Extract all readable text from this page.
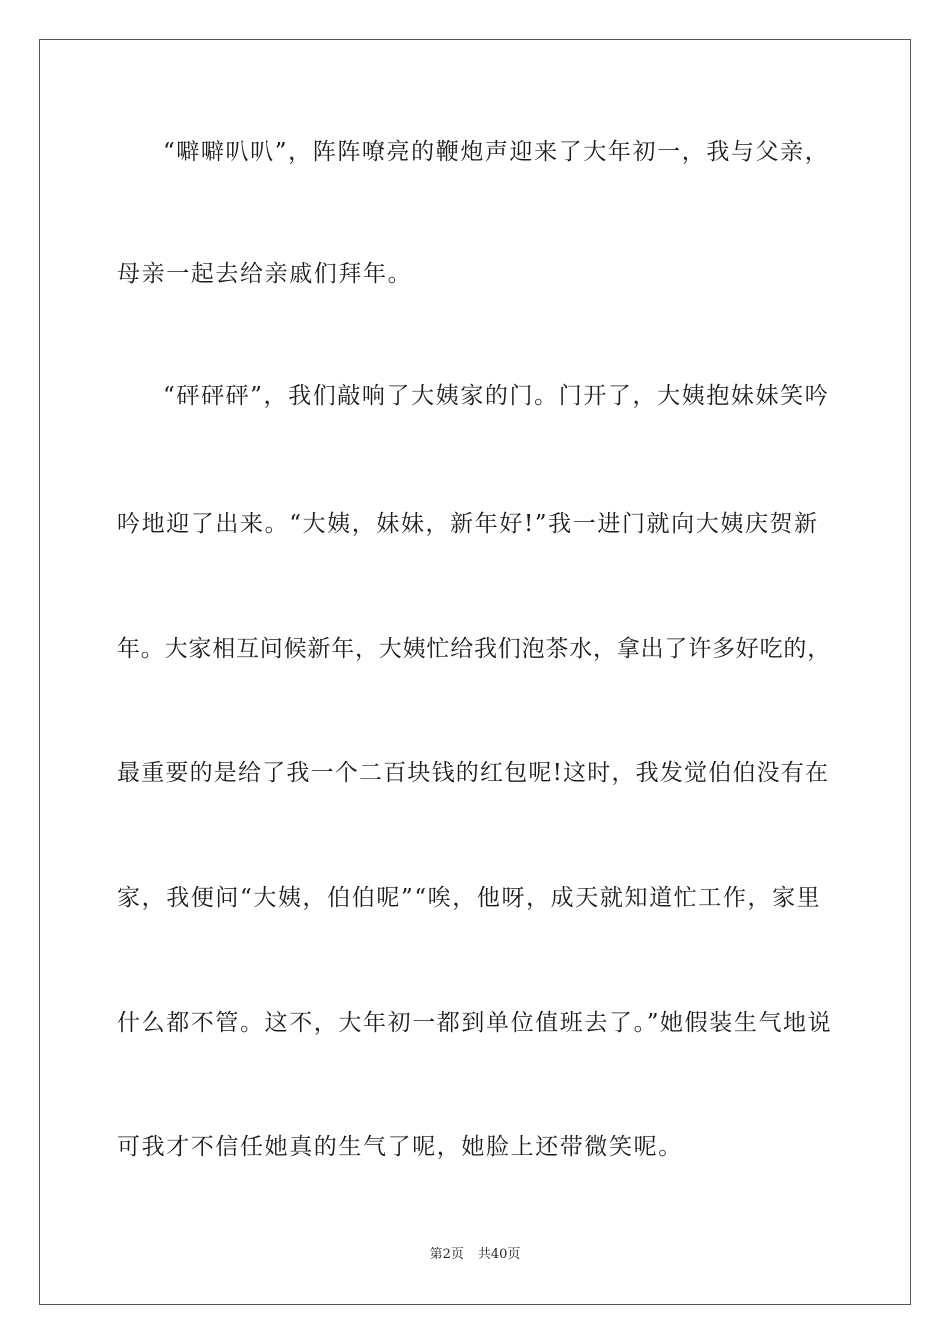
“噼噼叭叭”，阵阵嘹亮的鞭炮声迎来了大年初一，我与父亲，
母亲一起去给亲戚们拜年。
“砰砰砰”，我们敲响了大姨家的门。门开了，大姨抱妹妹笑吟
吟地迎了出来。“大姨，妹妹，新年好!”我一进门就向大姨庆贺新
年。大家相互问候新年，大姨忙给我们泡茶水，拿出了许多好吃的，
最重要的是给了我一个二百块钱的红包呢!这时，我发觉伯伯没有在
家，我便问“大姨，伯伯呢”“唉，他呀，成天就知道忙工作，家里
什么都不管。这不，大年初一都到单位值班去了。”她假装生气地说
可我才不信任她真的生气了呢，她脸上还带微笑呢。
第2页 共40页
